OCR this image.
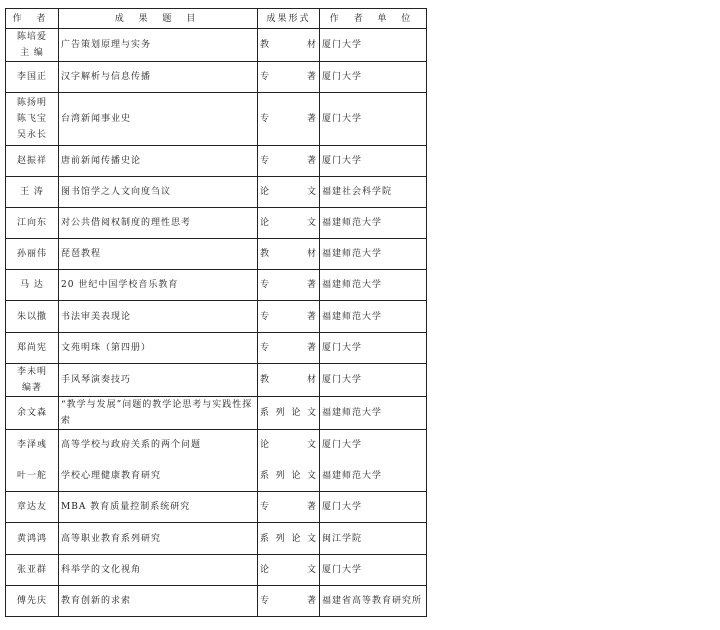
作 者	成 果 题 目	成果形式	作 者 单 位
陈培爱
主 编	广告策划原理与实务	教 材	厦门大学
李国正	汉字解析与信息传播	专 著	厦门大学
陈扬明
陈飞宝
吴永长	台湾新闻事业史	专 著	厦门大学
赵振祥	唐前新闻传播史论	专 著	厦门大学
王 涛	图书馆学之人文向度刍议	论 文	福建社会科学院
江向东	对公共借阅权制度的理性思考	论 文	福建师范大学
孙丽伟	琵琶教程	教 材	福建师范大学
马 达	20 世纪中国学校音乐教育	专 著	福建师范大学
朱以撒	书法审美表现论	专 著	福建师范大学
郑尚宪	文苑明珠（第四册）	专 著	厦门大学
李未明
编著	手风琴演奏技巧	教 材	厦门大学
余文森	“教学与发展”问题的教学论思考与实践性探索	系列论文	福建师范大学
李泽彧	高等学校与政府关系的两个问题	论 文	厦门大学
叶一舵	学校心理健康教育研究	系列论文	福建师范大学
章达友	MBA 教育质量控制系统研究	专 著	厦门大学
黄鸿鸿	高等职业教育系列研究	系列论文	闽江学院
张亚群	科举学的文化视角	论 文	厦门大学
傅先庆	教育创新的求索	专 著	福建省高等教育研究所
